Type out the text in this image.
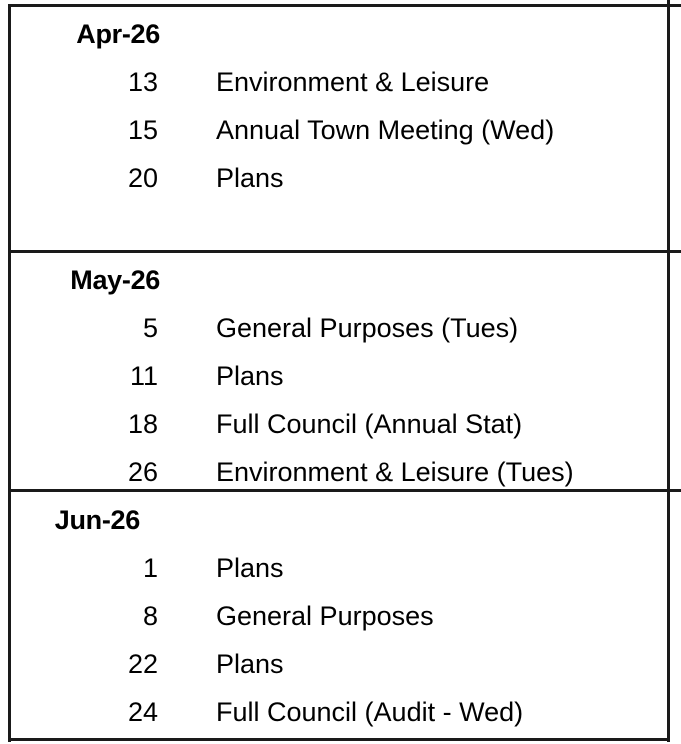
Apr-26
13 Environment & Leisure
15 Annual Town Meeting (Wed)
20 Plans
May-26
5 General Purposes (Tues)
11 Plans
18 Full Council (Annual Stat)
26 Environment & Leisure (Tues)
Jun-26
1 Plans
8 General Purposes
22 Plans
24 Full Council (Audit - Wed)
